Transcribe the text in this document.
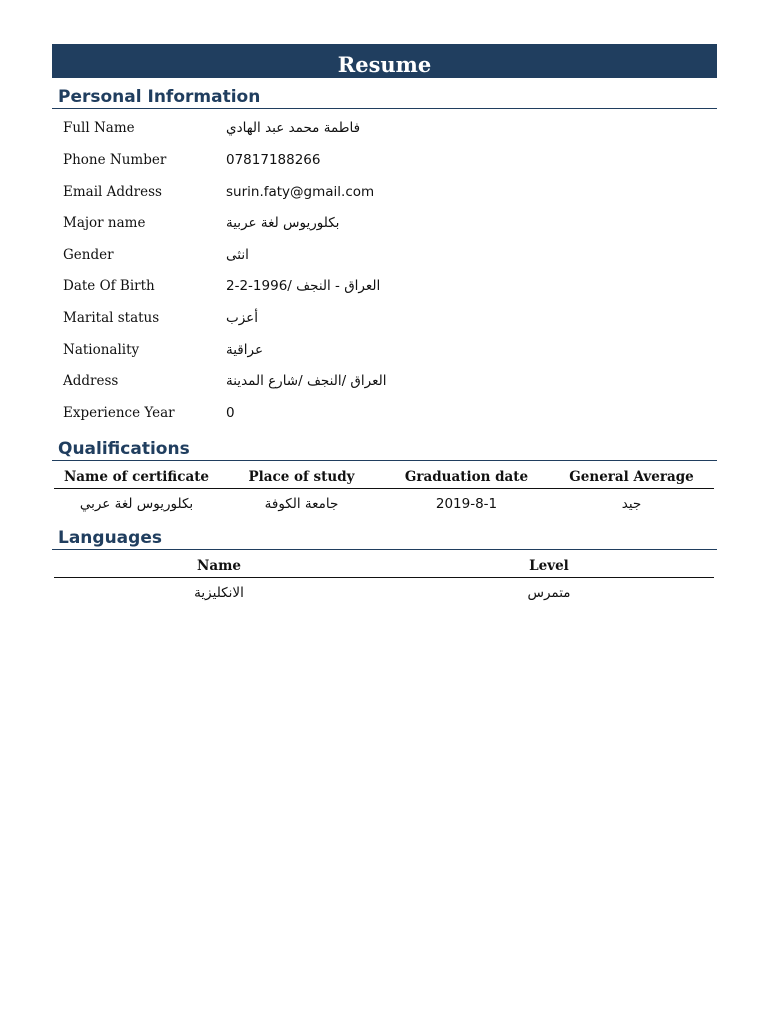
Resume
Personal Information
Full Name	فاطمة محمد عبد الهادي
Phone Number	07817188266
Email Address	surin.faty@gmail.com
Major name	بكلوريوس لغة عربية
Gender	انثى
Date Of Birth	2-2-1996/ العراق - النجف
Marital status	أعزب
Nationality	عراقية
Address	العراق /النجف /شارع المدينة
Experience Year	0
Qualifications
Name of certificate	Place of study	Graduation date	General Average
بكلوريوس لغة عربي	جامعة الكوفة	2019-8-1	جيد
Languages
Name	Level
الانكليزية	متمرس
